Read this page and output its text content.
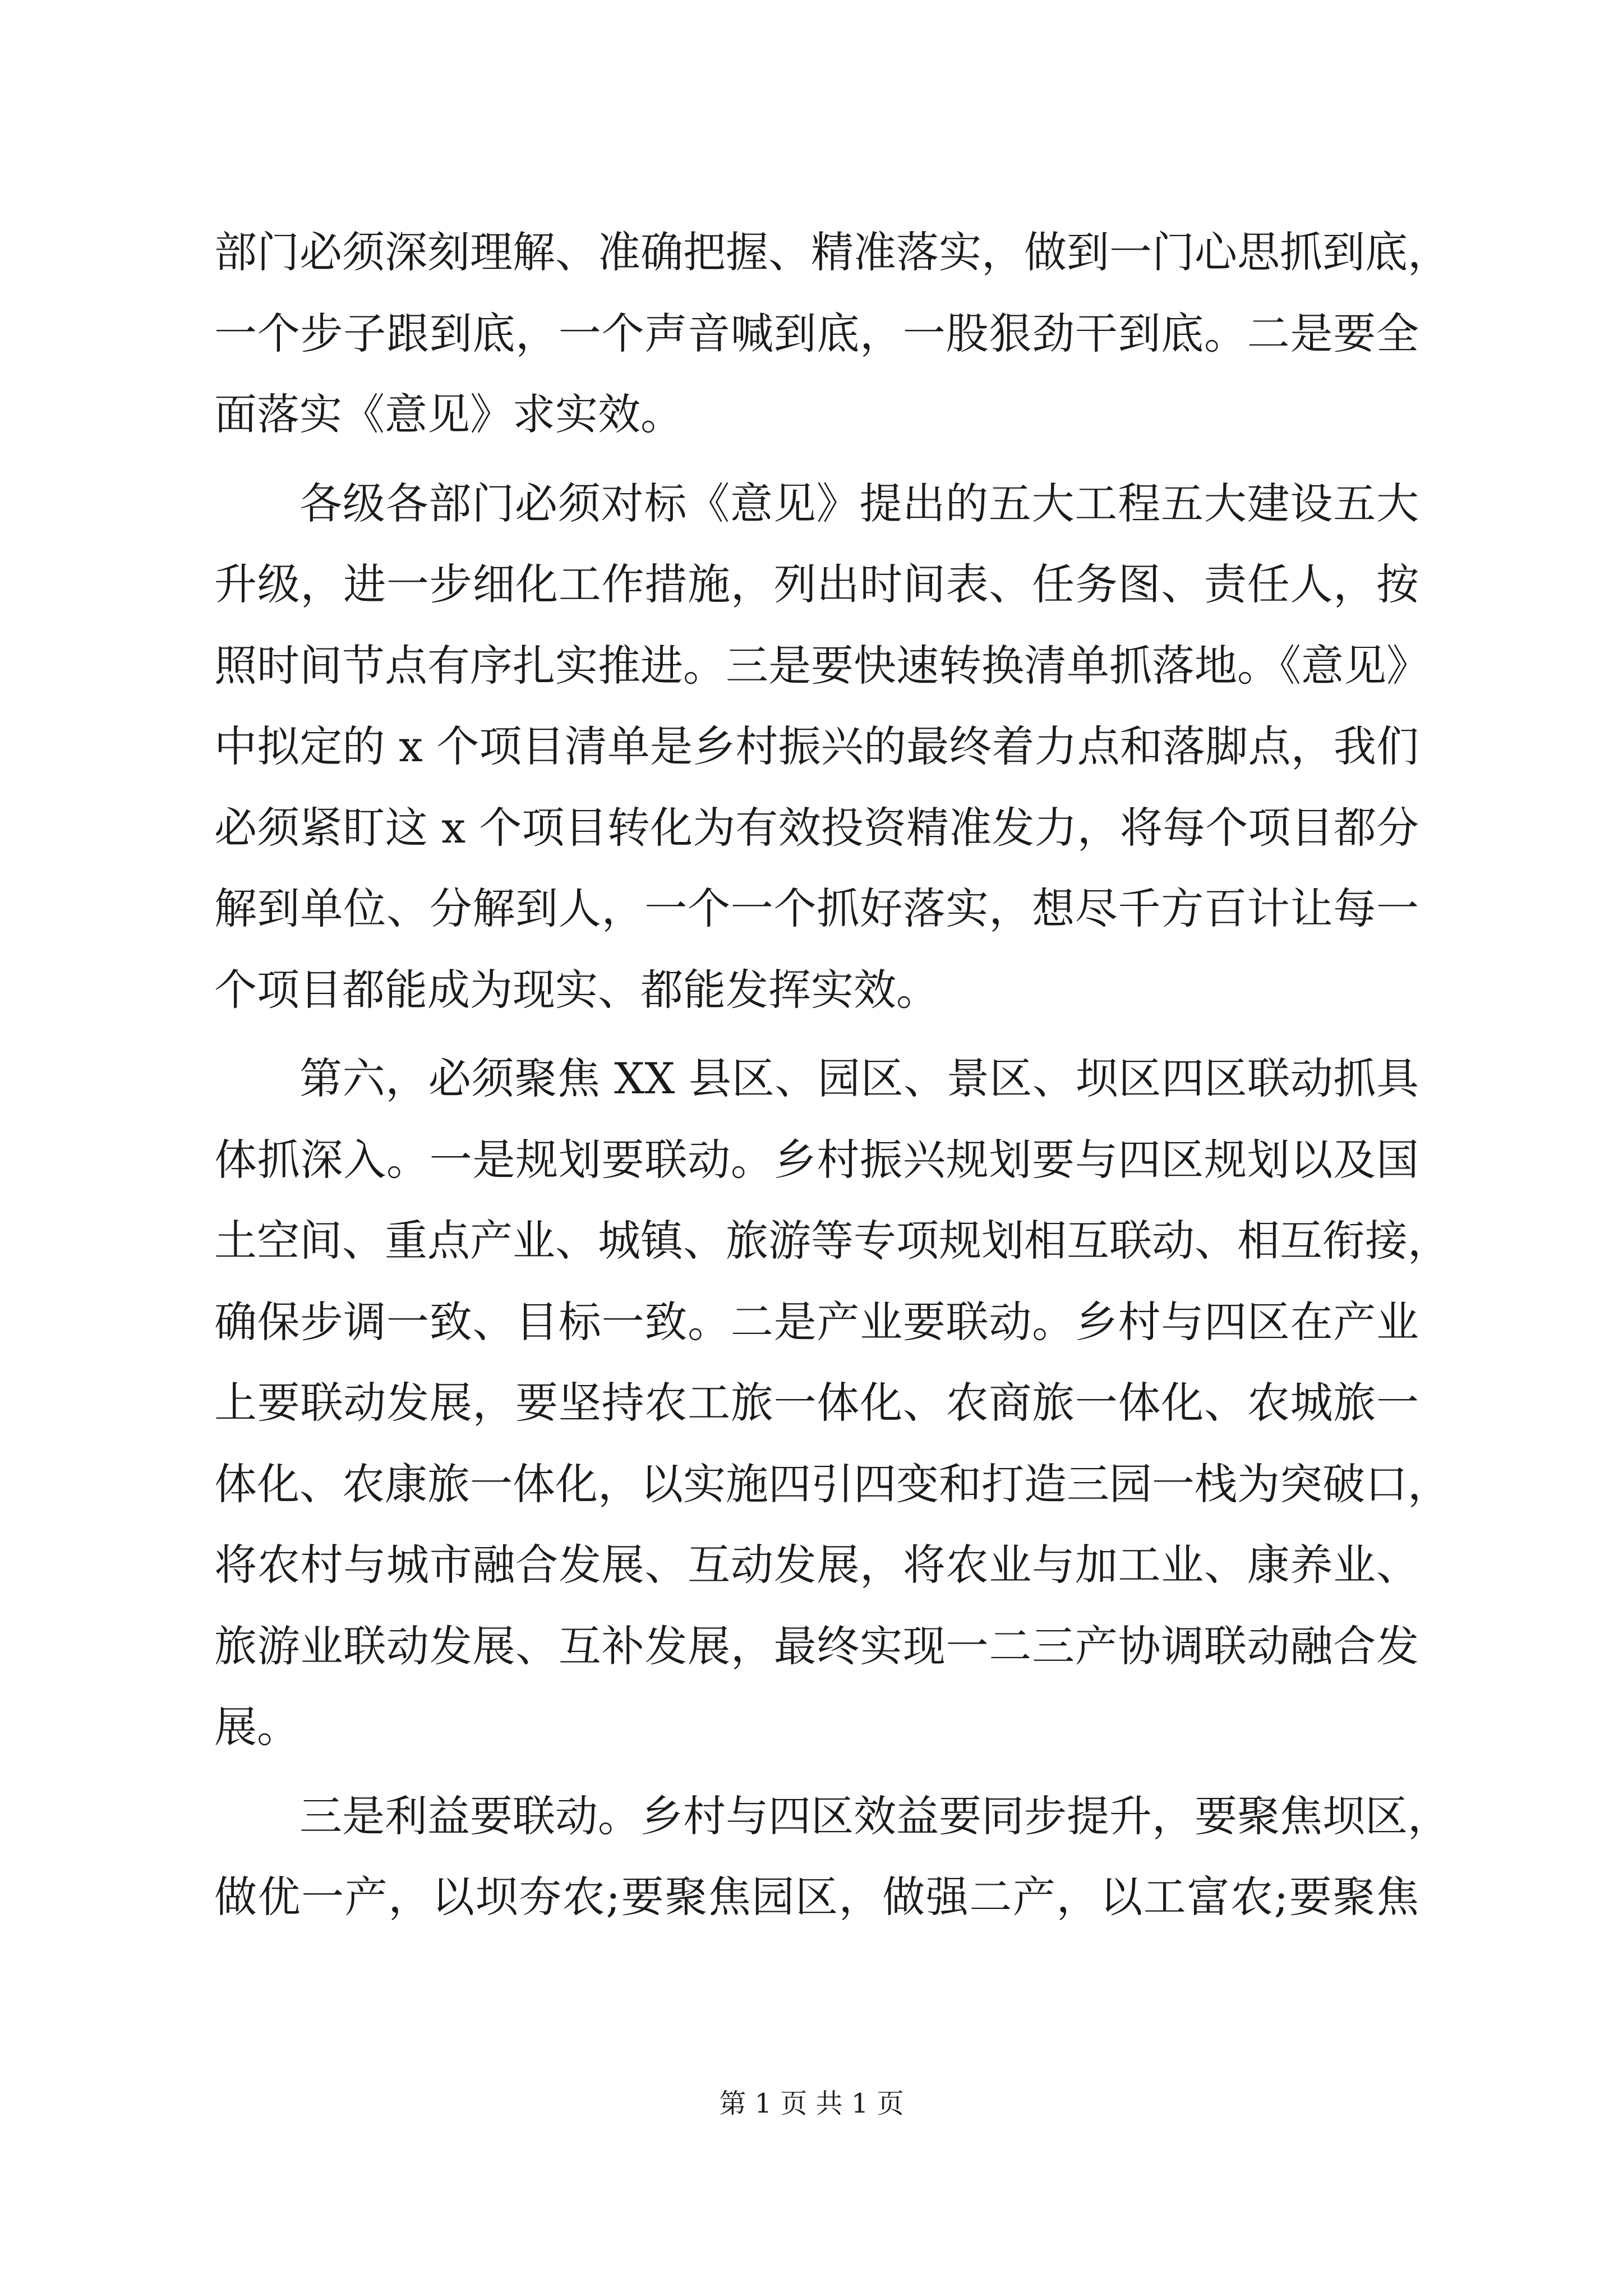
部门必须深刻理解、准确把握、精准落实，做到一门心思抓到底，
一个步子跟到底，一个声音喊到底，一股狠劲干到底。二是要全
面落实《意见》求实效。
各级各部门必须对标《意见》提出的五大工程五大建设五大
升级，进一步细化工作措施，列出时间表、任务图、责任人，按
照时间节点有序扎实推进。三是要快速转换清单抓落地。《意见》
中拟定的 x 个项目清单是乡村振兴的最终着力点和落脚点，我们
必须紧盯这 x 个项目转化为有效投资精准发力，将每个项目都分
解到单位、分解到人，一个一个抓好落实，想尽千方百计让每一
个项目都能成为现实、都能发挥实效。
第六，必须聚焦 XX 县区、园区、景区、坝区四区联动抓具
体抓深入。一是规划要联动。乡村振兴规划要与四区规划以及国
土空间、重点产业、城镇、旅游等专项规划相互联动、相互衔接，
确保步调一致、目标一致。二是产业要联动。乡村与四区在产业
上要联动发展，要坚持农工旅一体化、农商旅一体化、农城旅一
体化、农康旅一体化，以实施四引四变和打造三园一栈为突破口，
将农村与城市融合发展、互动发展，将农业与加工业、康养业、
旅游业联动发展、互补发展，最终实现一二三产协调联动融合发
展。
三是利益要联动。乡村与四区效益要同步提升，要聚焦坝区，
做优一产，以坝夯农;要聚焦园区，做强二产，以工富农;要聚焦
第 1 页 共 1 页
